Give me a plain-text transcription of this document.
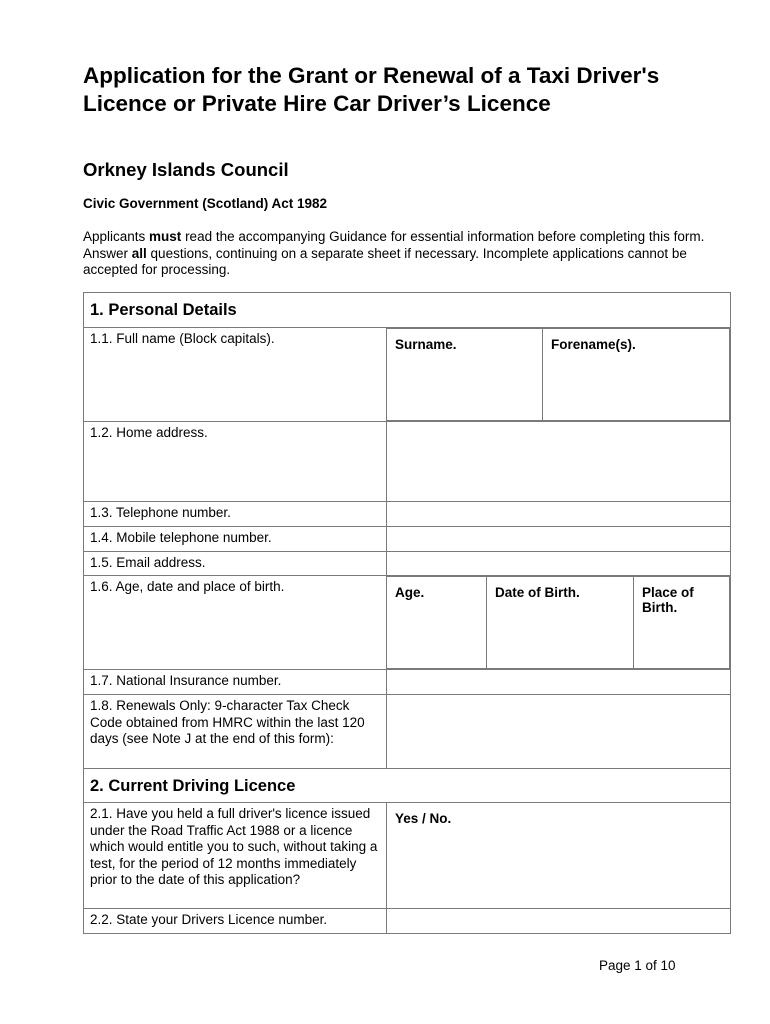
Application for the Grant or Renewal of a Taxi Driver's Licence or Private Hire Car Driver’s Licence
Orkney Islands Council

Civic Government (Scotland) Act 1982

Applicants must read the accompanying Guidance for essential information before completing this form. Answer all questions, continuing on a separate sheet if necessary. Incomplete applications cannot be accepted for processing.

1. Personal Details
1.1. Full name (Block capitals).		Surname.	Forename(s).

1.2. Home address.	
1.3. Telephone number.	
1.4. Mobile telephone number.	
1.5. Email address.	
1.6. Age, date and place of birth.		Age.	Date of Birth.	Place of Birth.

1.7. National Insurance number.	
1.8. Renewals Only: 9-character Tax Check Code obtained from HMRC within the last 120 days (see Note J at the end of this form):	
2. Current Driving Licence
2.1. Have you held a full driver's licence issued under the Road Traffic Act 1988 or a licence which would entitle you to such, without taking a test, for the period of 12 months immediately prior to the date of this application?	Yes / No.
2.2. State your Drivers Licence number.	

Page 1 of 10
